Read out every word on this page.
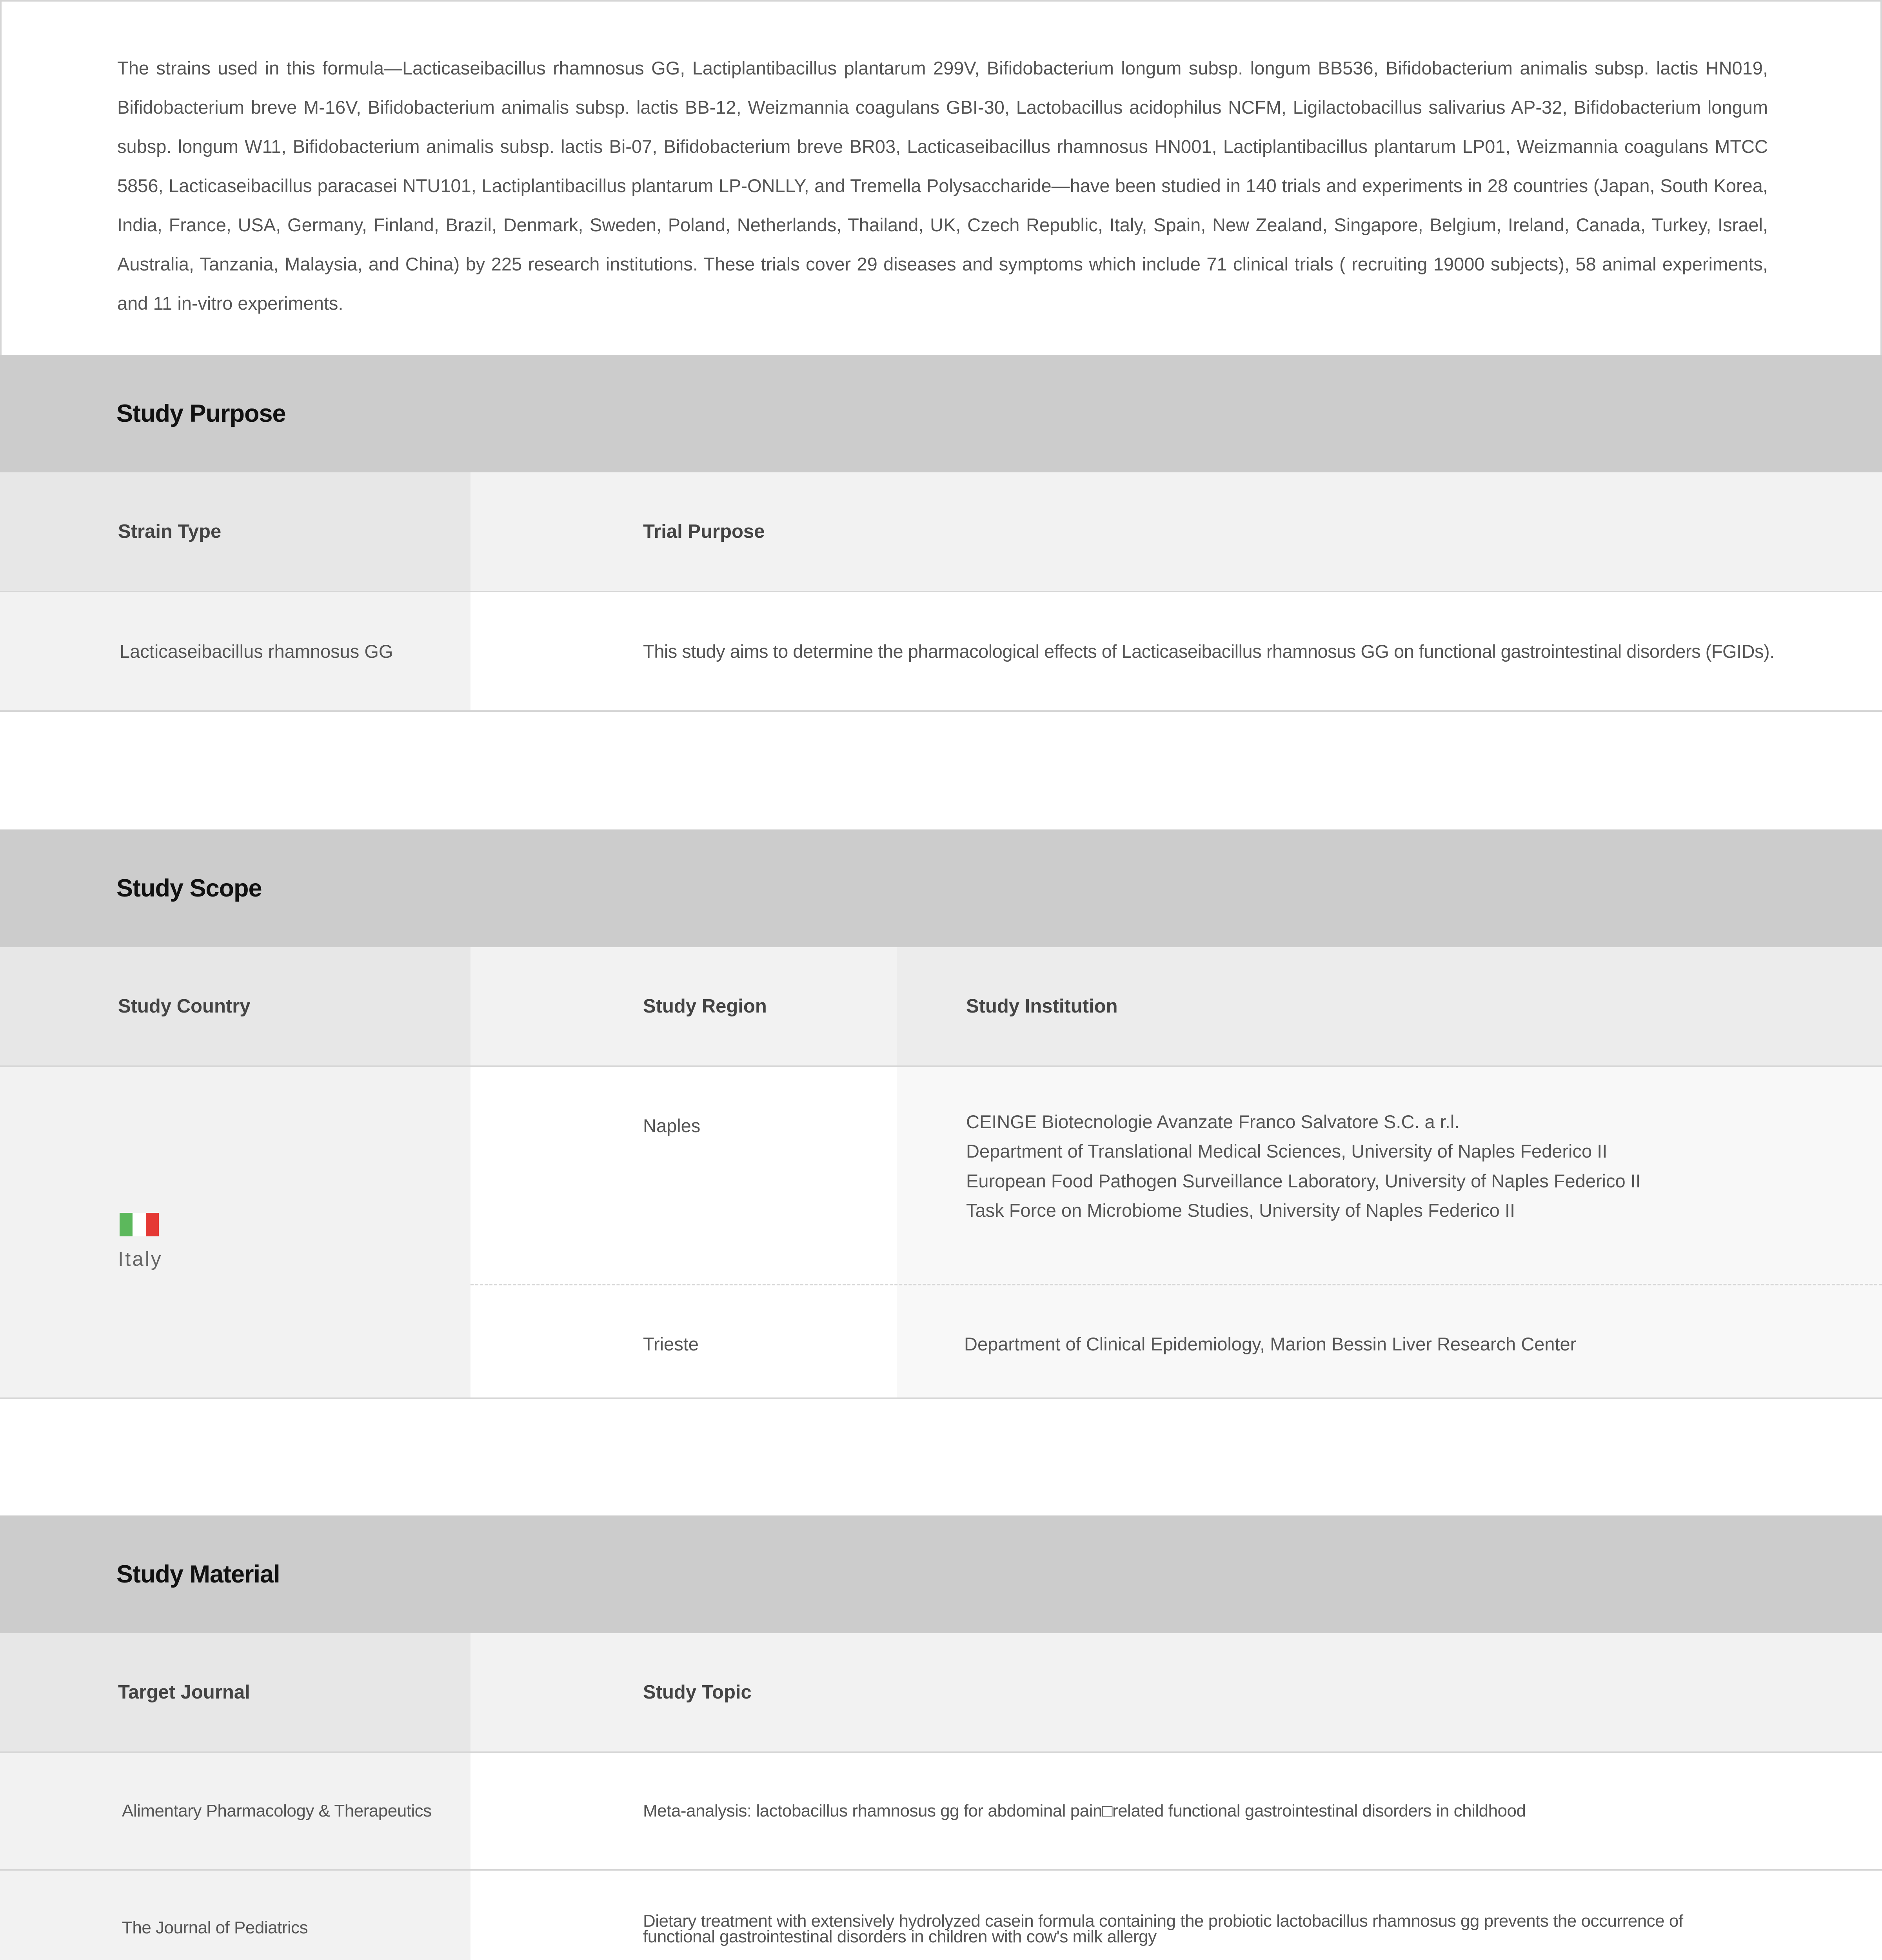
The strains used in this formula—Lacticaseibacillus rhamnosus GG, Lactiplantibacillus plantarum 299V, Bifidobacterium longum subsp. longum BB536, Bifidobacterium animalis subsp. lactis HN019, Bifidobacterium breve M-16V, Bifidobacterium animalis subsp. lactis BB-12, Weizmannia coagulans GBI-30, Lactobacillus acidophilus NCFM, Ligilactobacillus salivarius AP-32, Bifidobacterium longum subsp. longum W11, Bifidobacterium animalis subsp. lactis Bi-07, Bifidobacterium breve BR03, Lacticaseibacillus rhamnosus HN001, Lactiplantibacillus plantarum LP01, Weizmannia coagulans MTCC 5856, Lacticaseibacillus paracasei NTU101, Lactiplantibacillus plantarum LP-ONLLY, and Tremella Polysaccharide—have been studied in 140 trials and experiments in 28 countries (Japan, South Korea, India, France, USA, Germany, Finland, Brazil, Denmark, Sweden, Poland, Netherlands, Thailand, UK, Czech Republic, Italy, Spain, New Zealand, Singapore, Belgium, Ireland, Canada, Turkey, Israel, Australia, Tanzania, Malaysia, and China) by 225 research institutions. These trials cover 29 diseases and symptoms which include 71 clinical trials ( recruiting 19000 subjects), 58 animal experiments, and 11 in-vitro experiments.

Study Purpose
Strain Type	Trial Purpose
Lacticaseibacillus rhamnosus GG	This study aims to determine the pharmacological effects of Lacticaseibacillus rhamnosus GG on functional gastrointestinal disorders (FGIDs).
Study Scope
Study Country	Study Region	Study Institution
Italy
Naples	CEINGE Biotecnologie Avanzate Franco Salvatore S.C. a r.l.
Department of Translational Medical Sciences, University of Naples Federico II
European Food Pathogen Surveillance Laboratory, University of Naples Federico II
Task Force on Microbiome Studies, University of Naples Federico II
Trieste	Department of Clinical Epidemiology, Marion Bessin Liver Research Center
Study Material
Target Journal	Study Topic
Alimentary Pharmacology & Therapeutics	Meta-analysis: lactobacillus rhamnosus gg for abdominal pain□related functional gastrointestinal disorders in childhood
The Journal of Pediatrics	Dietary treatment with extensively hydrolyzed casein formula containing the probiotic lactobacillus rhamnosus gg prevents the occurrence of
functional gastrointestinal disorders in children with cow's milk allergy
